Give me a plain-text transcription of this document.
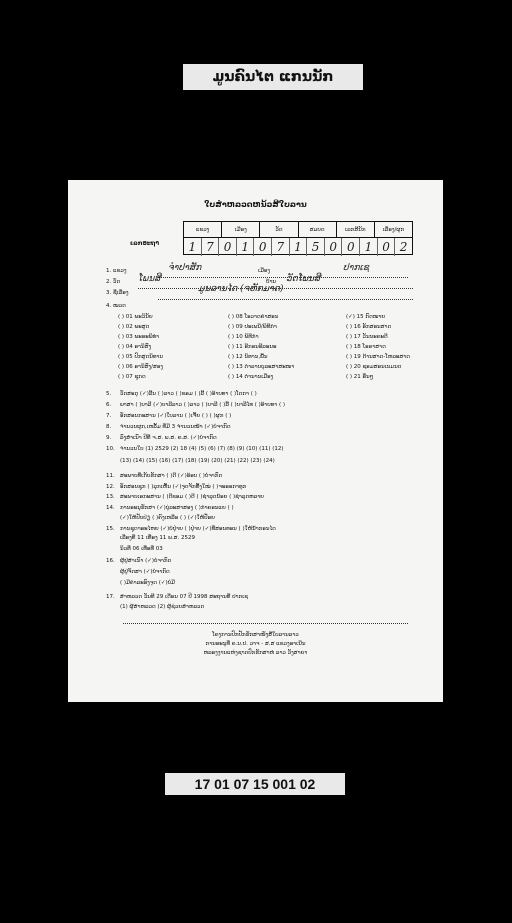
ມູນຄົນໄຕ ແກນນັກ
ໃບສຳຫລວດຫນ້ວສີໃບລານ
ເລກອະຖາ
ແຂວງ	ເມືອງ	ວັດ	ສມບດ	ເລກສີນັກ	ເລື່ອງ/ຜູກ
1 7 0 1 0 7 1 5 0 0 1 0 2
1. ແຂວງ	ຈຳປາສັກ	ເມືອງ	ປາກເຊ
2. ວັດ ໂພນສີ	ບ້ານ ວັດໂພນສີ
3. ຊື່ເລື່ອງ	ມູນລານໄດ (ຈຫັກມາດ)
4. ໝວດ
( ) 01 ພະວິນັຍ	( ) 08 ໂອວາດຄຳສອນ	(✓) 15 ກົດໝາຍ
( ) 02 ພະສູດ	( ) 09 ປະເພນີ/ພິທີກຳ	( ) 16 ອັກສອນສາດ
( ) 03 ພະອະພິທຳ	( ) 10 ພິທີກຳ	( ) 17 ວັນນະຄະດີ
( ) 04 ອານິສົງ	( ) 11 ອີກອນອີລະນະ	( ) 18 ໂອຣາສາດ
( ) 05 ປົກສູດນິທານ	( ) 12 ນິທານ,ພື້ນ	( ) 19 ດ້ານສາດ-ໂຫລະສາດ
( ) 06 ອານິສົງ/ສອງ	( ) 13 ຕຳລາບບຸລະສາສະໜາ	( ) 20 ຊອມສອນເນມນດ
( ) 07 ຊຸກດ	( ) 14 ຕຳນານເມືອງ	( ) 21 ອື່ນໆ
5. ວັດສະດຸ (✓)ລີ້ນ ( )ລາວ ( )ຂອມ ( )ລີ້ ( )ອ້າບທາ ( )ໂດກາ ( )
6. ພາສາ ( )ບາລີ (✓)ບາລີລາວ ( )ລາວ ( )ບາລີ ( )ລີ້ ( )ບາລີໄທ ( )ອ້າບທາ ( )
7. ອັກສອນກະສານ (✓)ໃບລານ ( )ເຈັ້ຍ ( ) ( )ຜູກ ( )
8. ຈຳນວນຜູກ,ເຫລັ້ມ ທີ່ມີ 3 ຈຳນວນໜ້າ (✓)ບໍ່ຈາກົດ
9. ລົງສຳເນົາ ປີທີ່ ຈ.ສ. ພ.ສ. ຄ.ສ. (✓)ບໍ່ຈາກົດ
10. ຈຳນວນໃບ (1) 2529 (2) 18 (4) (5) (6) (7) (8) (9) (10) (11) (12)
(13) (14) (15) (16) (17) (18) (19) (20) (21) (22) (23) (24)
11. ສະພາບທີ່ເກັບຮັກສາ ( )ດີ (✓)ອ້ອບ ( )ບໍ່ຈາກົດ
12. ອັກສອນຊຸກ ( )ລຸກເຫັ້ນ (✓)ຈຸດຈັກທັ້ງໃໝ່ ( )ຈະອອກາທຸກ
13. ສະພາບເອກະສານ ( )ດີຂອມ ( )ດີ ( )ຊຳລຸດນ້ອຍ ( )ຊຳລຸດຫລາຍ
14. ການອະນຸຮັກສາ (✓)ບູ່ລະສາສອງ ( )ກໍາຄອນແຍ ( )
(✓)ໃຫ້ປັບປ່ຽ ( )ຄົງເຫລືອ ( ) (✓)ໃຫ້ປັ່ອຍ
15. ການຊຸດາອະໄຫຍ (✓)ບໍ່ປຸ່າຍ ( )ປຸ່າຍ (✓)ທີ່ສອນທອນ ( )ໃຫ້ນ້ຳກອນໄດ
ເລື່ອງທີ່ 11 ເທື່ອງ 11 ພ.ສ. 2529
ນິວທີ່ 06 ເທື່ອທີ່ 03
16. ຜູ້ຢູ່ສຳເນົາ (✓)ບໍ່ຈາກົດ
ຜູ້ຢູ່ຈັດສາ (✓)ບໍ່ຈາກົດ
( )ມີຄຳລະອົງຈຸດ (✓)ບໍ່ມີ
17. ສຳຫລວດ ວັນທີ 29 ເດືອນ 07 ປີ 1998 ສະຖານທີ່ ປາກເຊ
(1) ຜູ້ສຳຫລວດ (2) ຜູ້ຊ່ວຍສຳຫລວດ
ໂຄງການປົກປັກຮັກສາໜັງສືໃບລານລາວ
ການອະນຸທີ່ ຄ.ນ.ປ. ວາຈ - ສ.ສ ແຂວງອາເນີນ
ຫລອງງານແຫ່ງຊາດປົກຮັກສາຫໍ ລາວ ວັງສາຍາ
17 01 07 15 001 02
